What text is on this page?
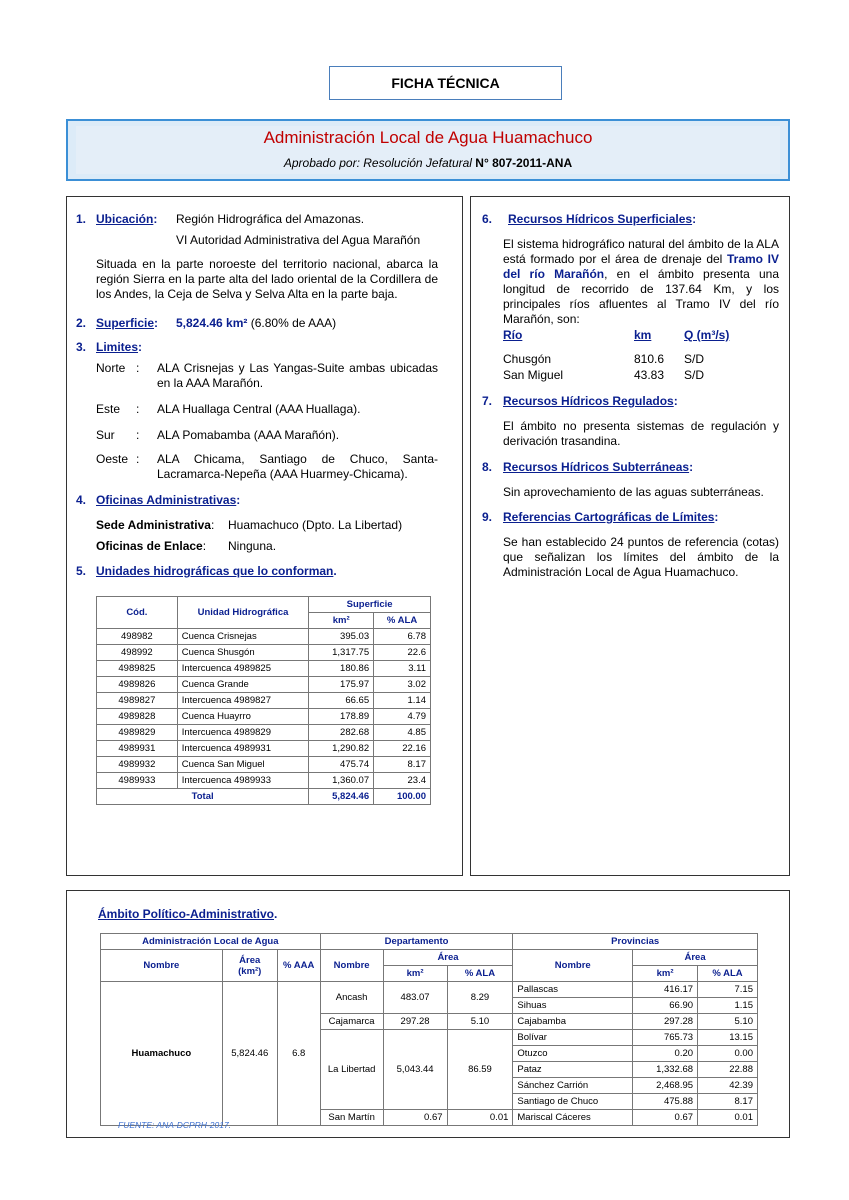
FICHA TÉCNICA
Administración Local de Agua Huamachuco
Aprobado por: Resolución Jefatural N° 807-2011-ANA
1. Ubicación: Región Hidrográfica del Amazonas.
VI Autoridad Administrativa del Agua Marañón
Situada en la parte noroeste del territorio nacional, abarca la región Sierra en la parte alta del lado oriental de la Cordillera de los Andes, la Ceja de Selva y Selva Alta en la parte baja.
2. Superficie: 5,824.46 km² (6.80% de AAA)
3. Limites:
Norte : ALA Crisnejas y Las Yangas-Suite ambas ubicadas en la AAA Marañón.
Este : ALA Huallaga Central (AAA Huallaga).
Sur : ALA Pomabamba (AAA Marañón).
Oeste : ALA Chicama, Santiago de Chuco, Santa-Lacramarca-Nepeña (AAA Huarmey-Chicama).
4. Oficinas Administrativas:
Sede Administrativa: Huamachuco (Dpto. La Libertad)
Oficinas de Enlace: Ninguna.
5. Unidades hidrográficas que lo conforman.
Cód.	Unidad Hidrográfica	Superficie	
		km²	% ALA
498982	Cuenca Crisnejas	395.03	6.78
498992	Cuenca Shusgón	1,317.75	22.6
4989825	Intercuenca 4989825	180.86	3.11
4989826	Cuenca Grande	175.97	3.02
4989827	Intercuenca 4989827	66.65	1.14
4989828	Cuenca Huayrro	178.89	4.79
4989829	Intercuenca 4989829	282.68	4.85
4989931	Intercuenca 4989931	1,290.82	22.16
4989932	Cuenca San Miguel	475.74	8.17
4989933	Intercuenca 4989933	1,360.07	23.4
Total		5,824.46	100.00
6. Recursos Hídricos Superficiales:
El sistema hidrográfico natural del ámbito de la ALA está formado por el área de drenaje del Tramo IV del río Marañón, en el ámbito presenta una longitud de recorrido de 137.64 Km, y los principales ríos afluentes al Tramo IV del río Marañón, son:
Río	km	Q (m³/s)
Chusgón	810.6 S/D
San Miguel	43.83 S/D
7. Recursos Hídricos Regulados:
El ámbito no presenta sistemas de regulación y derivación trasandina.
8. Recursos Hídricos Subterráneas:
Sin aprovechamiento de las aguas subterráneas.
9. Referencias Cartográficas de Límites:
Se han establecido 24 puntos de referencia (cotas) que señalizan los límites del ámbito de la Administración Local de Agua Huamachuco.
Ámbito Político-Administrativo.
Administración Local de Agua			Departamento			Provincias		
Nombre	Área (km²)	% AAA	Nombre	Área		Nombre	Área	
				km²	% ALA		km²	% ALA
Huamachuco	5,824.46	6.8	Ancash	483.07	8.29	Pallascas	416.17	7.15
						Sihuas	66.90	1.15
			Cajamarca	297.28	5.10	Cajabamba	297.28	5.10
			La Libertad	5,043.44	86.59	Bolívar	765.73	13.15
						Otuzco	0.20	0.00
						Pataz	1,332.68	22.88
						Sánchez Carrión	2,468.95	42.39
						Santiago de Chuco	475.88	8.17
			San Martín	0.67	0.01	Mariscal Cáceres	0.67	0.01
FUENTE: ANA-DCPRH-2017.
